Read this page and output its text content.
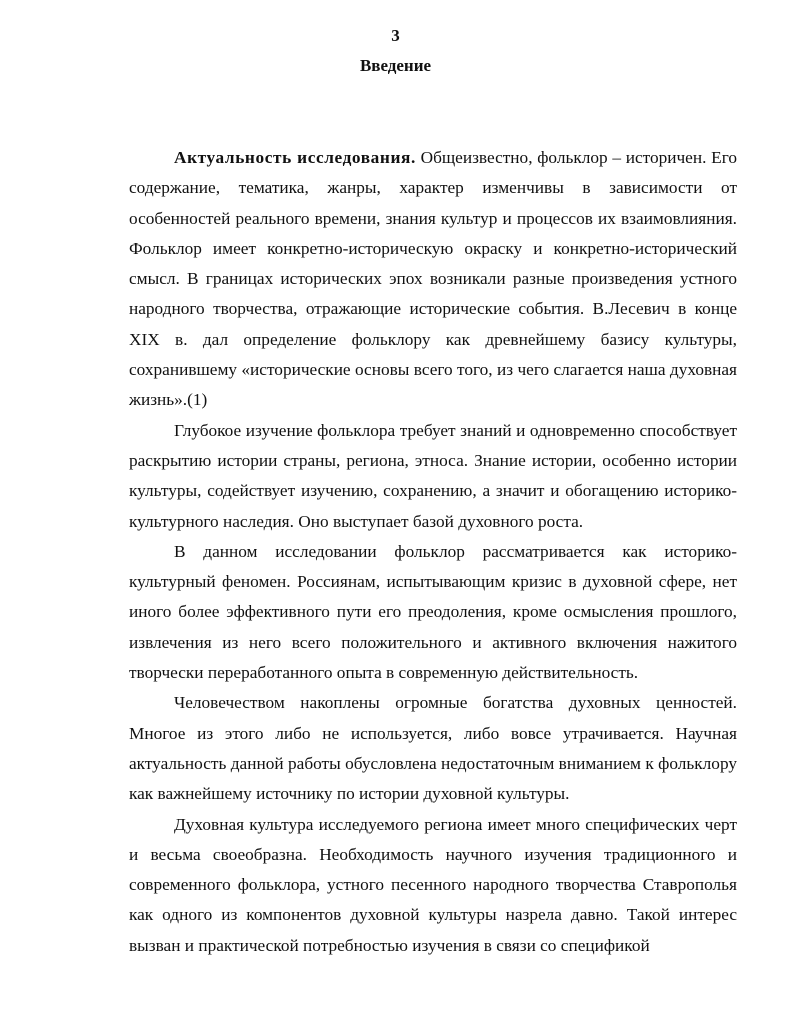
3
Введение

Актуальность исследования. Общеизвестно, фольклор – историчен. Его содержание, тематика, жанры, характер изменчивы в зависимости от особенностей реального времени, знания культур и процессов их взаимовлияния. Фольклор имеет конкретно-историческую окраску и конкретно-исторический смысл. В границах исторических эпох возникали разные произведения устного народного творчества, отражающие исторические события. В.Лесевич в конце XIX в. дал определение фольклору как древнейшему базису культуры, сохранившему «исторические основы всего того, из чего слагается наша духовная жизнь».(1)

Глубокое изучение фольклора требует знаний и одновременно способствует раскрытию истории страны, региона, этноса. Знание истории, особенно истории культуры, содействует изучению, сохранению, а значит и обогащению историко-культурного наследия. Оно выступает базой духовного роста.

В данном исследовании фольклор рассматривается как историко-культурный феномен. Россиянам, испытывающим кризис в духовной сфере, нет иного более эффективного пути его преодоления, кроме осмысления прошлого, извлечения из него всего положительного и активного включения нажитого творчески переработанного опыта в современную действительность.

Человечеством накоплены огромные богатства духовных ценностей. Многое из этого либо не используется, либо вовсе утрачивается. Научная актуальность данной работы обусловлена недостаточным вниманием к фольклору как важнейшему источнику по истории духовной культуры.

Духовная культура исследуемого региона имеет много специфических черт и весьма своеобразна. Необходимость научного изучения традиционного и современного фольклора, устного песенного народного творчества Ставрополья как одного из компонентов духовной культуры назрела давно. Такой интерес вызван и практической потребностью изучения в связи со спецификой
